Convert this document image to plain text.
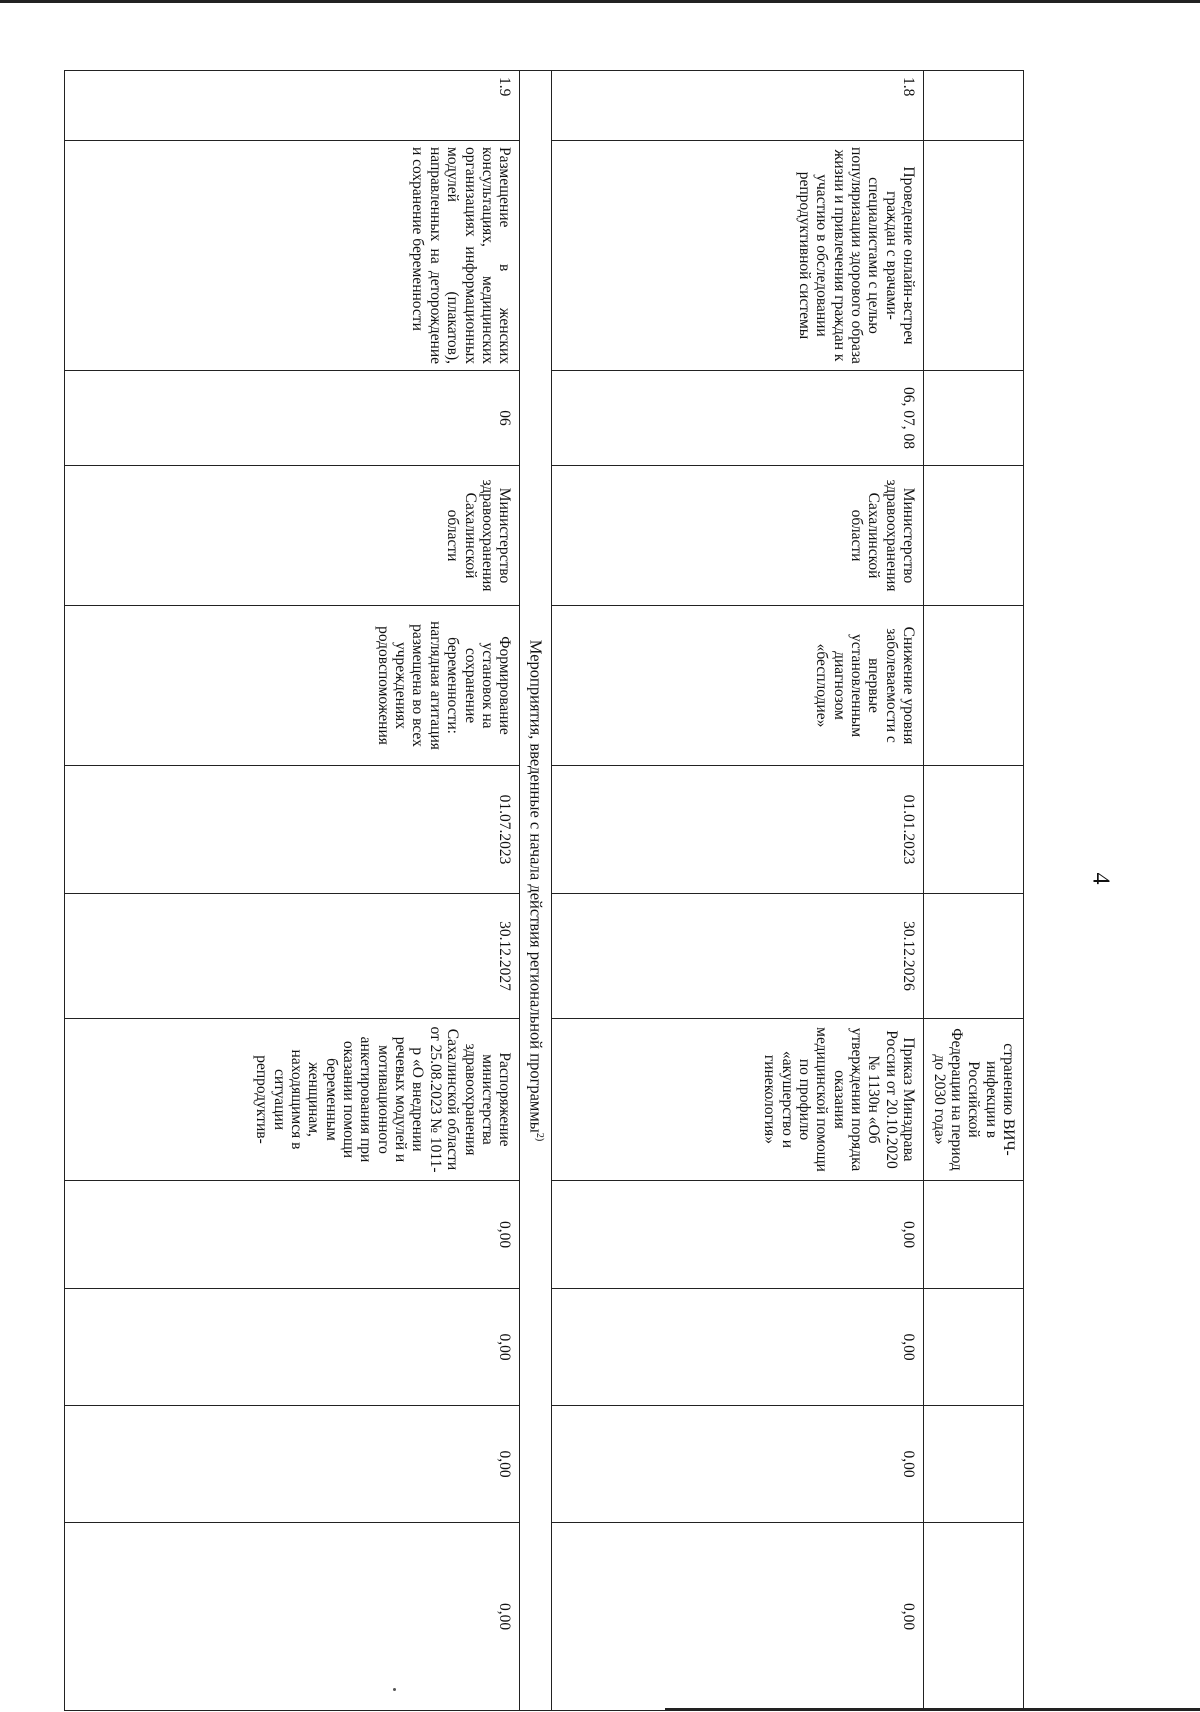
4
							странению ВИЧ-инфекции в Российской Федерации на период до 2030 года»				
1.8	Проведение онлайн-встреч граждан с врачами-специалистами с целью популяризации здорового образа жизни и привлечения граждан к участию в обследовании репродуктивной системы	06, 07, 08	Министерство здравоохранения Сахалинской области	Снижение уровня заболеваемости с впервые установленным диагнозом «бесплодие»	01.01.2023	30.12.2026	Приказ Минздрава России от 20.10.2020 № 1130н «Об утверждении порядка оказания медицинской помощи по профилю «акушерство и гинекология»	0,00	0,00	0,00	0,00
Мероприятия, введенные с начала действия региональной программы$^{2)}$
1.9	Размещение в женских консультациях, медицинских организациях информационных модулей (плакатов), направленных на деторождение и сохранение беременности	06	Министерство здравоохранения Сахалинской области	Формирование установок на сохранение беременности: наглядная агитация размещена во всех учреждениях родовспоможения	01.07.2023	30.12.2027	Распоряжение министерства здравоохранения Сахалинской области от 25.08.2023 № 1011-р «О внедрении речевых модулей и мотивационного анкетирования при оказании помощи беременным женщинам, находящимся в ситуации репродуктив-	0,00	0,00	0,00	0,00
